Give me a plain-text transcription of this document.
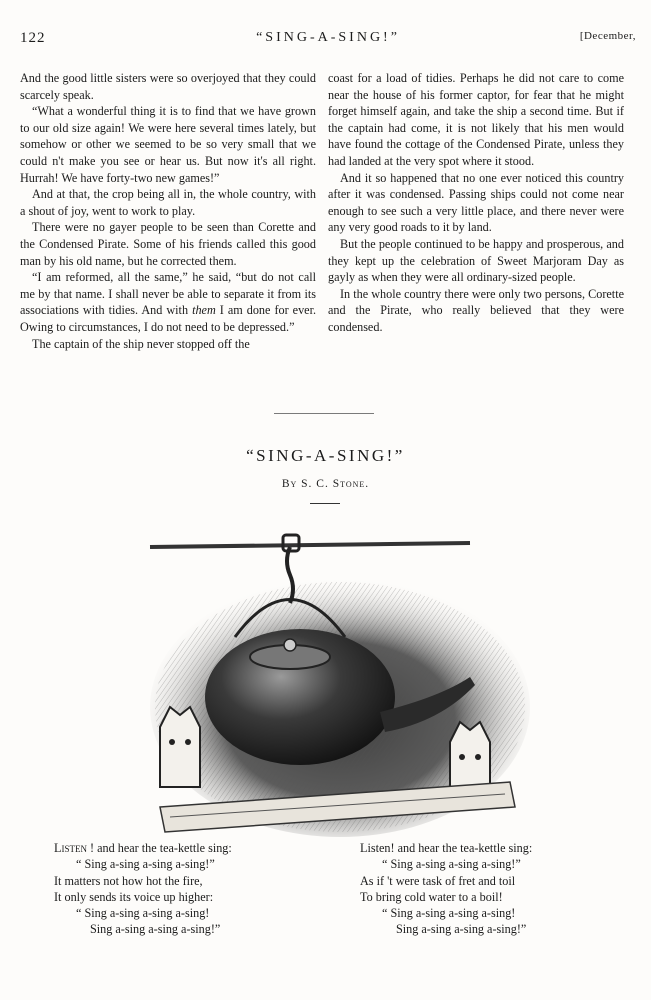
122	“SING-A-SING!”	[December,

And the good little sisters were so overjoyed that they could scarcely speak.

“What a wonderful thing it is to find that we have grown to our old size again! We were here several times lately, but somehow or other we seemed to be so very small that we could n't make you see or hear us. But now it's all right. Hurrah! We have forty-two new games!”

And at that, the crop being all in, the whole country, with a shout of joy, went to work to play.

There were no gayer people to be seen than Corette and the Condensed Pirate. Some of his friends called this good man by his old name, but he corrected them.

“I am reformed, all the same,” he said, “but do not call me by that name. I shall never be able to separate it from its associations with tidies. And with them I am done for ever. Owing to circumstances, I do not need to be depressed.”

The captain of the ship never stopped off the

coast for a load of tidies. Perhaps he did not care to come near the house of his former captor, for fear that he might forget himself again, and take the ship a second time. But if the captain had come, it is not likely that his men would have found the cottage of the Condensed Pirate, unless they had landed at the very spot where it stood.

And it so happened that no one ever noticed this country after it was condensed. Passing ships could not come near enough to see such a very little place, and there never were any very good roads to it by land.

But the people continued to be happy and prosperous, and they kept up the celebration of Sweet Marjoram Day as gayly as when they were all ordinary-sized people.

In the whole country there were only two persons, Corette and the Pirate, who really believed that they were condensed.

“SING-A-SING!”
By S. C. Stone.
Listen ! and hear the tea-kettle sing:
“ Sing a-sing a-sing a-sing!”
It matters not how hot the fire,
It only sends its voice up higher:
“ Sing a-sing a-sing a-sing!
Sing a-sing a-sing a-sing!”
Listen! and hear the tea-kettle sing:
“ Sing a-sing a-sing a-sing!”
As if 't were task of fret and toil
To bring cold water to a boil!
“ Sing a-sing a-sing a-sing!
Sing a-sing a-sing a-sing!”
